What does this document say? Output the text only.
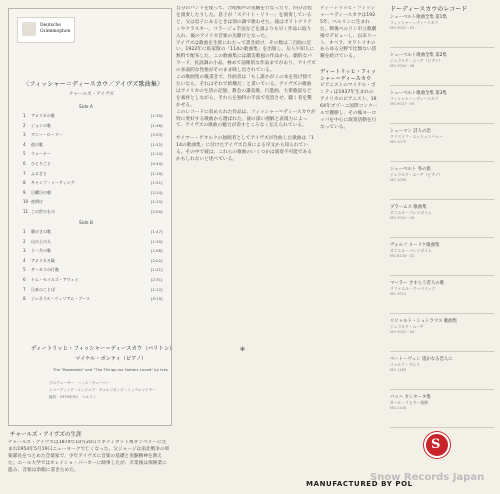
Deutsche
Grammophon
〈フィッシャー＝ディースカウ／アイヴズ歌曲集〉
チャールズ・アイヴズ
Side A
1 アメリカの歌	[1:35]
2 ジョンの歌	[1:46]
3 アニー・ローリー	[2:03]
4 夜の歌	[1:52]
5 ウォーナー	[1:10]
6 ひとりごと	[0:49]
7 ふるさと	[1:19]
8 キャンプ・ミーティング	[1:51]
9 日曜日の朝	[2:24]
10 夜明け	[1:15]
11 この世のもの	[2:00]
Side B
1 静けさの歌	[1:47]
2 山の上の人	[1:30]
3 十一月の歌	[1:08]
4 アメリカ万歳	[2:02]
5 サーカスの行進	[1:21]
6 トム・セイルズ・アウェイ	[2:31]
7 日本のことば	[1:12]
8 ジェネラル・ウィリアム・ブース	[5:19]
ディートリッヒ・フィッシャー＝ディースカウ（バリトン）
マイケル・ポンティ（ピアノ）
The "Rosedales" and "The Things our Fathers Loved" by Ives
プロデューサー：ハンス・ヴェーバー
レコーディング・エンジニア：ヴォルフガング・ミッテルマイヤー
録音：1975年9月　ベルリン
チャールズ・アイヴズの生涯

チャールズ・アイヴズは1874年10月20日コネティカット州ダンベリーに生まれ1954年5月19日ニューヨークで亡くなった。父ジョージは南北戦争の軍楽隊長をつとめた音楽家で、少年アイヴズに音楽の基礎と実験精神を教えた。エール大学ではホレイショ・パーカーに師事したが、卒業後は保険業に進み、音楽は余暇に書きためた。

自分のバンドを使って、合唱和声の実験を行なったり、四分音程を演奏したりした。息子が「ステイト・リリー」を演奏していると、父は息子にあるときは別の調で歌わせた。彼はポリトナリティやクラスター、コラージュ手法などを誰よりも早く作品に取り入れ、後のアメリカ音楽の先駆けとなった。

アイヴズは歌曲を生涯にわたって書き続け、その数は二百曲に近い。1922年に私家版の「114の歌曲集」を出版し、友人や知人に無料で配布した。この歌曲集には讃美歌風の作品から、劇的なバラード、民謡調の小品、極めて前衛的な作品までがあり、アイヴズの多面的な性格がそのまま映し出されている。

この歌曲集の後書きで、作曲者は「もし誰かがこの本を投げ捨てたいなら、それはそれで結構だ」と書いている。アイヴズの歌曲はアメリカの生活の記憶、教会の讃美歌、行進曲、大衆歌謡などを素材としながら、それらを独特の手法で変容させ、聴く者を驚かせる。

このレコードに収められた作品は、フィッシャー＝ディースカウが特に愛好する歌曲から選ばれた。彼の深い理解と表現力によって、アイヴズの歌曲の魅力が余すところなく伝えられている。

サイマー・ゲオルクの独唱者としてアイヴズが作曲した歌曲は「114の歌曲集」に付けたアイヴズ自身による序文から知られている。その中で彼は、これらの歌曲のいくつかは演奏不可能であるかもしれないと述べている。

✻

ディートリッヒ・フィッシャー＝ディースカウは1925年、ベルリンに生まれた。戦後ベルリン市立歌劇場でデビューし、以来リート、オペラ、オラトリオのあらゆる分野で比類ない活躍を続けている。

ディートリッヒ・フィッシャー＝ディースカウ

ピアニストのマイケル・ポンティは1937年生まれのアメリカのピアニスト。1964年ブゾーニ国際コンクールで優勝し、その後ヨーロッパを中心に演奏活動を行なっている。

ドーディースカウのレコード
シューベルト歌曲全集 第1集
フィッシャー＝ディースカウ
MG 9001〜03
シューベルト歌曲全集 第2集
ジェラルド・ムーア（ピアノ）
MG 9004〜06
シューベルト歌曲全集 第3集
フィッシャー＝ディースカウ
MG 9007〜09
シューマン 詩人の恋
クリストフ・エッシェンバッハ
MG 1075
シューベルト 冬の旅
ジェラルド・ムーア（ピアノ）
MG 1090
ブラームス 歌曲集
ダニエル・バレンボイム
MG 9041〜43
ヴォルフ メーリケ歌曲集
ダニエル・バレンボイム
MG 8130〜32
マーラー さすらう若人の歌
ラファエル・クーベリック
MG 2013
リヒャルト・シュトラウス 歌曲集
ジェラルド・ムーア
MG 9051〜54
ベートーヴェン 遥かなる恋人に
イェルク・デムス
MG 1165
バッハ カンタータ集
カール・リヒター指揮
MG 2100
MANUFACTURED BY POL
S
Snow Records Japan
